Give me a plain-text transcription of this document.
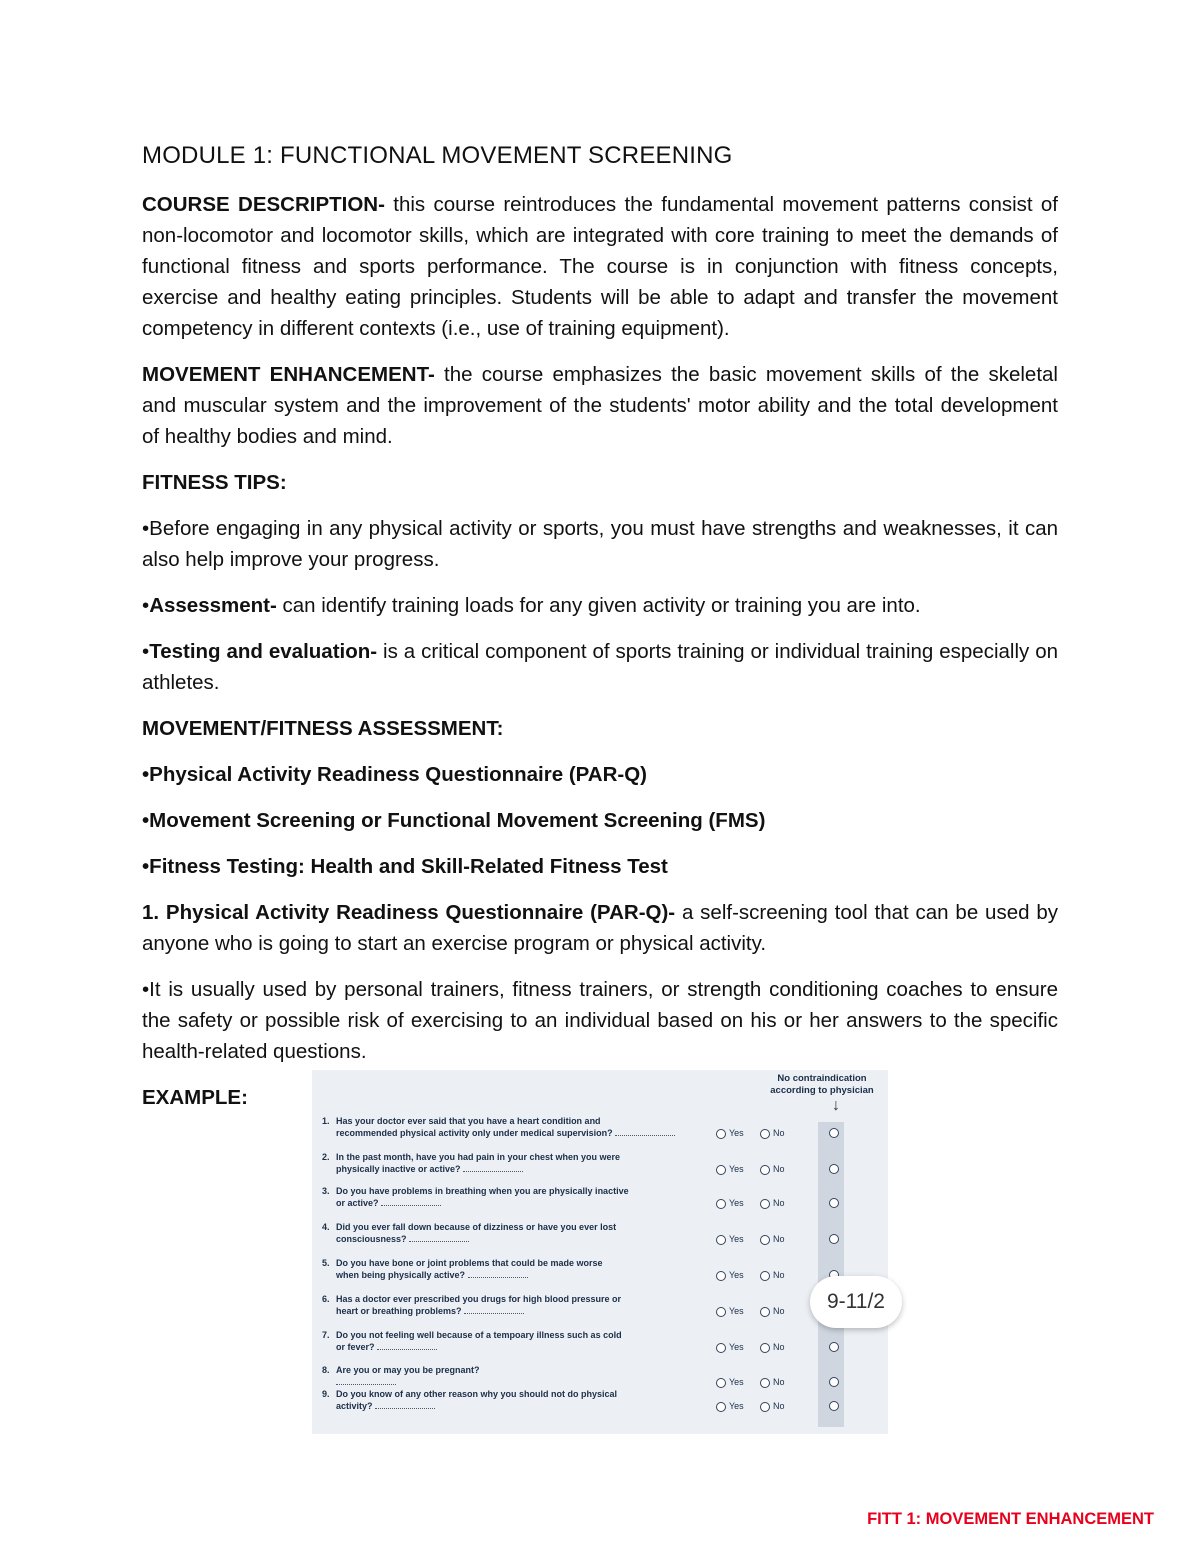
MODULE 1: FUNCTIONAL MOVEMENT SCREENING

COURSE DESCRIPTION- this course reintroduces the fundamental movement patterns consist of non-locomotor and locomotor skills, which are integrated with core training to meet the demands of functional fitness and sports performance. The course is in conjunction with fitness concepts, exercise and healthy eating principles. Students will be able to adapt and transfer the movement competency in different contexts (i.e., use of training equipment).

MOVEMENT ENHANCEMENT- the course emphasizes the basic movement skills of the skeletal and muscular system and the improvement of the students' motor ability and the total development of healthy bodies and mind.

FITNESS TIPS:

•Before engaging in any physical activity or sports, you must have strengths and weaknesses, it can also help improve your progress.

•Assessment- can identify training loads for any given activity or training you are into.

•Testing and evaluation- is a critical component of sports training or individual training especially on athletes.

MOVEMENT/FITNESS ASSESSMENT:

•Physical Activity Readiness Questionnaire (PAR-Q)

•Movement Screening or Functional Movement Screening (FMS)

•Fitness Testing: Health and Skill-Related Fitness Test

1. Physical Activity Readiness Questionnaire (PAR-Q)- a self-screening tool that can be used by anyone who is going to start an exercise program or physical activity.

•It is usually used by personal trainers, fitness trainers, or strength conditioning coaches to ensure the safety or possible risk of exercising to an individual based on his or her answers to the specific health-related questions.

EXAMPLE:
No contraindication according to physician
↓
1. Has your doctor ever said that you have a heart condition and
recommended physical activity only under medical supervision?	Yes	No
2. In the past month, have you had pain in your chest when you were
physically inactive or active?	Yes	No
3. Do you have problems in breathing when you are physically inactive
or active?	Yes	No
4. Did you ever fall down because of dizziness or have you ever lost
consciousness?	Yes	No
5. Do you have bone or joint problems that could be made worse
when being physically active?	Yes	No
6. Has a doctor ever prescribed you drugs for high blood pressure or
heart or breathing problems?	Yes	No
7. Do you not feeling well because of a tempoary illness such as cold
or fever?	Yes	No
8. Are you or may you be pregnant?

Yes	No
9. Do you know of any other reason why you should not do physical
activity?	Yes	No
9-11/2
FITT 1: MOVEMENT ENHANCEMENT
